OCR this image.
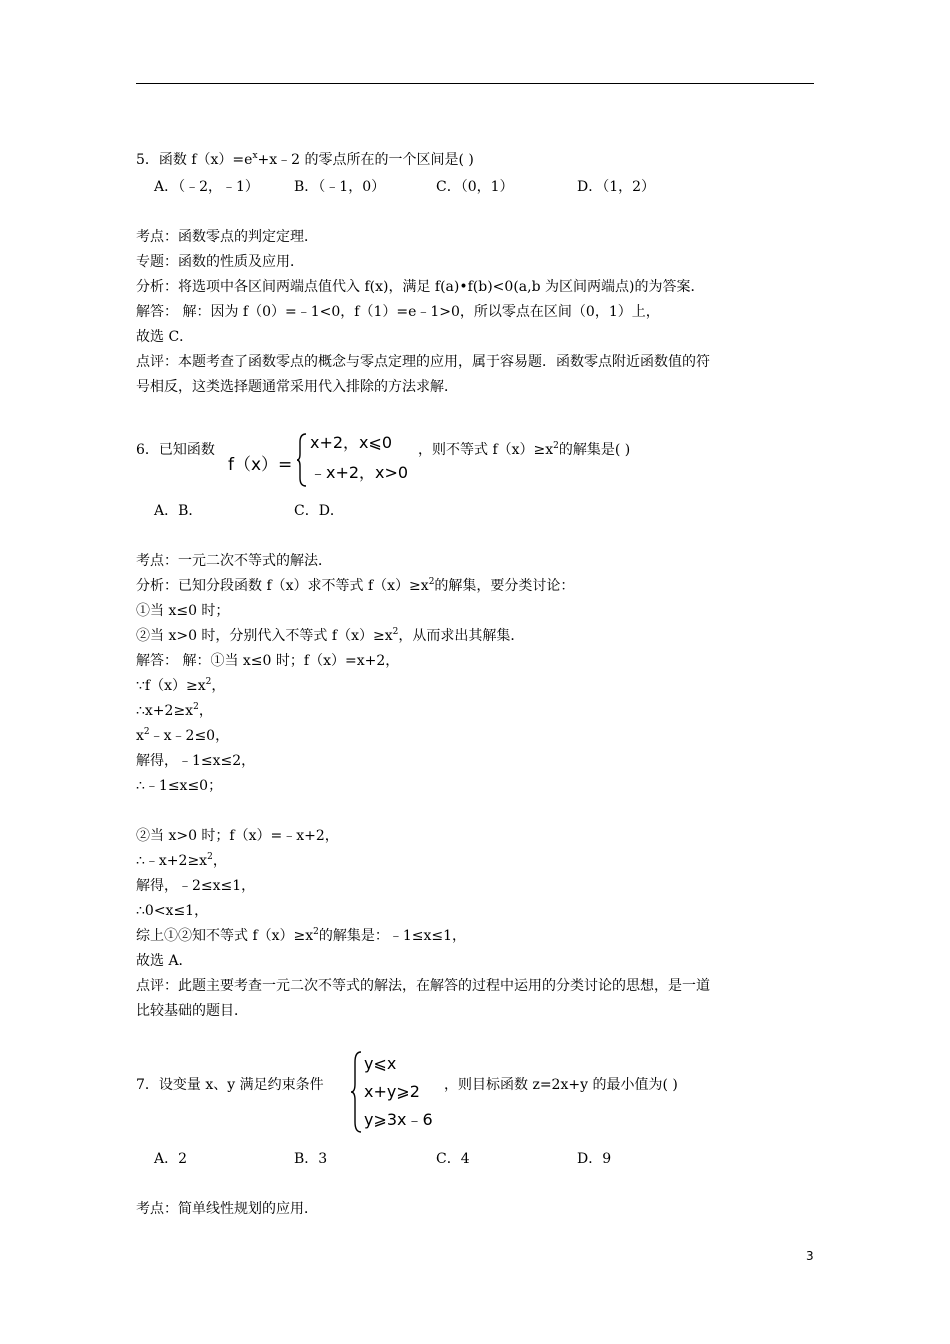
5．函数 $f(x)=e^x+x﹣2$ 的零点所在的一个区间是( )
A．（﹣2，﹣1）	B．（﹣1，0）	C．（0，1）	D．（1，2）
考点：函数零点的判定定理．
专题：函数的性质及应用．
分析：将选项中各区间两端点值代入 f(x)，满足 f(a)•f(b)<0(a,b 为区间两端点)的为答案．
解答： 解：因为 f（0）=﹣1<0，f（1）=e﹣1>0，所以零点在区间（0，1）上，
故选 C．
点评：本题考查了函数零点的概念与零点定理的应用，属于容易题．函数零点附近函数值的符
号相反，这类选择题通常采用代入排除的方法求解．
6．已知函数
f（x）=
x+2，x⩽0
﹣x+2，x>0
，则不等式 $f(x)\ge x^2$的解集是( )
A．B．	C．D．
考点：一元二次不等式的解法．
分析：已知分段函数 f（x）求不等式 $f(x)\ge x^2$的解集，要分类讨论：
①当 x≤0 时；
②当 x>0 时，分别代入不等式 $f(x)\ge x^2$，从而求出其解集．
解答： 解：①当 x≤0 时；f（x）=x+2，
$\because f(x)\ge x^2$，
$\therefore x+2\ge x^2$，
$x^2﹣x﹣2\le 0$，
解得，﹣1≤x≤2，
∴﹣1≤x≤0；
②当 x>0 时；f（x）=﹣x+2，
$\therefore﹣x+2\ge x^2$，
解得，﹣2≤x≤1，
∴0<x≤1，
综上①②知不等式 $f(x)\ge x^2$的解集是：﹣1≤x≤1，
故选 A．
点评：此题主要考查一元二次不等式的解法，在解答的过程中运用的分类讨论的思想，是一道
比较基础的题目．
7．设变量 x、y 满足约束条件
y⩽x
x+y⩾2
y⩾3x﹣6
，则目标函数 z=2x+y 的最小值为( )
A．2	B．3	C．4	D．9
考点：简单线性规划的应用．
3
